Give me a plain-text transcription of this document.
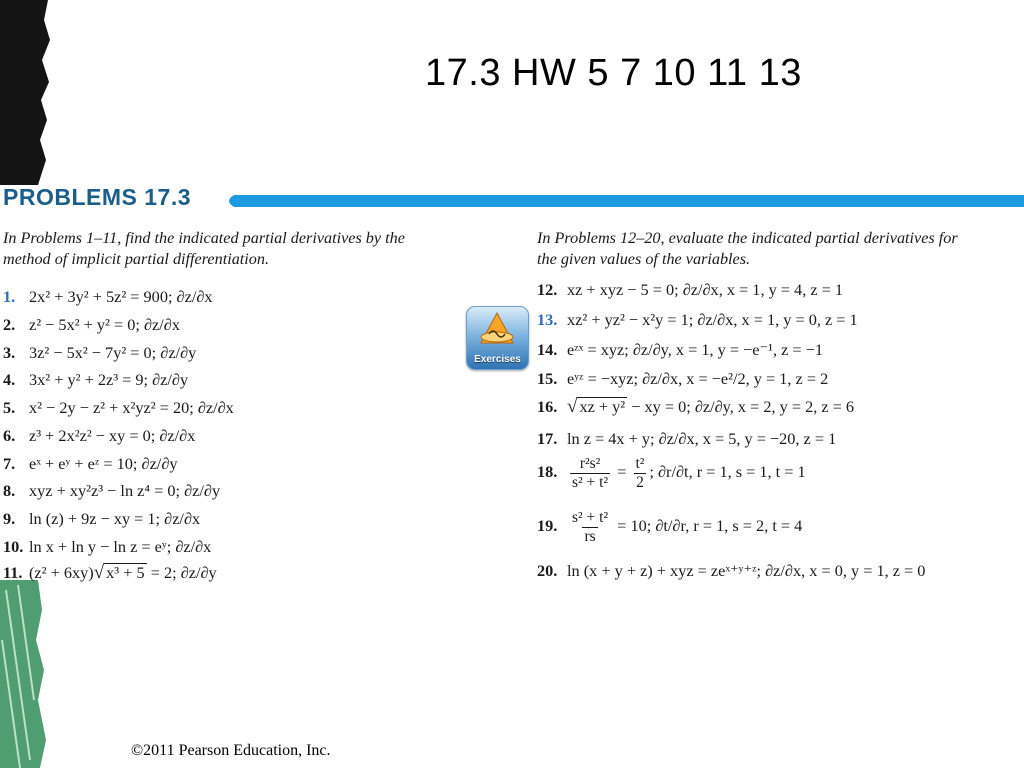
17.3 HW 5 7 10 11 13
PROBLEMS 17.3
In Problems 1–11, find the indicated partial derivatives by the
method of implicit partial differentiation.
In Problems 12–20, evaluate the indicated partial derivatives for
the given values of the variables.
1. 2x² + 3y² + 5z² = 900; ∂z/∂x
2. z² − 5x² + y² = 0; ∂z/∂x
3. 3z² − 5x² − 7y² = 0; ∂z/∂y
4. 3x² + y² + 2z³ = 9; ∂z/∂y
5. x² − 2y − z² + x²yz² = 20; ∂z/∂x
6. z³ + 2x²z² − xy = 0; ∂z/∂x
7. eˣ + eʸ + eᶻ = 10; ∂z/∂y
8. xyz + xy²z³ − ln z⁴ = 0; ∂z/∂y
9. ln (z) + 9z − xy = 1; ∂z/∂x
10. ln x + ln y − ln z = eʸ; ∂z/∂x
11. (z² + 6xy)√ x³ + 5 = 2; ∂z/∂y
Exercises
12. xz + xyz − 5 = 0; ∂z/∂x, x = 1, y = 4, z = 1
13. xz² + yz² − x²y = 1; ∂z/∂x, x = 1, y = 0, z = 1
14. eᶻˣ = xyz; ∂z/∂y, x = 1, y = −e⁻¹, z = −1
15. eʸᶻ = −xyz; ∂z/∂x, x = −e²/2, y = 1, z = 2
16. √ xz + y² − xy = 0; ∂z/∂y, x = 2, y = 2, z = 6
17. ln z = 4x + y; ∂z/∂x, x = 5, y = −20, z = 1
18. $\frac{\text{r²s²}}{\text{s² + t²}} = \frac{\text{t²}}{2}$ ; ∂r/∂t, r = 1, s = 1, t = 1
19. $\frac{\text{s² + t²}}{rs} = 10$; ∂t/∂r, r = 1, s = 2, t = 4
20. ln (x + y + z) + xyz = zeˣ⁺ʸ⁺ᶻ; ∂z/∂x, x = 0, y = 1, z = 0
©2011 Pearson Education, Inc.
